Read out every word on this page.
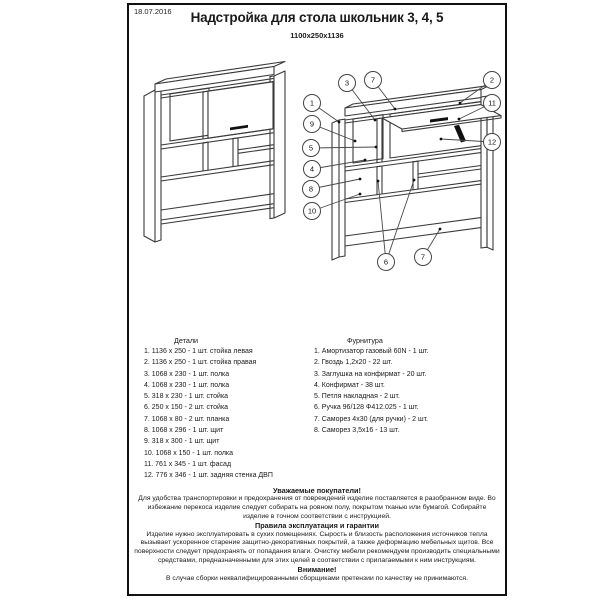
18.07.2016	Надстройка для стола школьник 3, 4, 5
1100x250x1136
1
3	7	2
11
9
5
12
4
8
10
6
7
Детали
1. 1136 x 250 - 1 шт. стойка левая
2. 1136 x 250 - 1 шт. стойка правая
3. 1068 x 230 - 1 шт. полка
4. 1068 x 230 - 1 шт. полка
5. 318 x 230 - 1 шт. стойка
6. 250 x 150 - 2 шт. стойка
7. 1068 x 80 - 2 шт. планка
8. 1068 x 296 - 1 шт. щит
9. 318 x 300 - 1 шт. щит
10. 1068 x 150 - 1 шт. полка
11. 761 x 345 - 1 шт. фасад
12. 776 x 346 - 1 шт. задняя стенка ДВП
Фурнитура
1. Амортизатор газовый 60N - 1 шт.
2. Гвоздь 1,2x20 - 22 шт.
3. Заглушка на конфирмат - 20 шт.
4. Конфирмат - 38 шт.
5. Петля накладная - 2 шт.
6. Ручка 96/128 Ф412.025 - 1 шт.
7. Саморез 4x30 (для ручки) - 2 шт.
8. Саморез 3,5x16 - 13 шт.
Уважаемые покупатели!
Для удобства транспортировки и предохранения от повреждений изделие поставляется в разобранном виде. Во избежание перекоса изделие следует собирать на ровном полу, покрытом тканью или бумагой. Собирайте изделие в точном соответствии с инструкцией.
Правила эксплуатация и гарантии
Изделие нужно эксплуатировать в сухих помещениях. Сырость и близость расположения источников тепла вызывает ускоренное старение защитно-декоративных покрытий, а также деформацию мебельных щитов. Все поверхности следует предохранять от попадания влаги. Очистку мебели рекомендуем производить специальными средствами, предназначенными для этих целей в соответствии с прилагаемыми к ним инструкциям.
Внимание!
В случае сборки неквалифицированными сборщиками претензии по качеству не принимаются.
